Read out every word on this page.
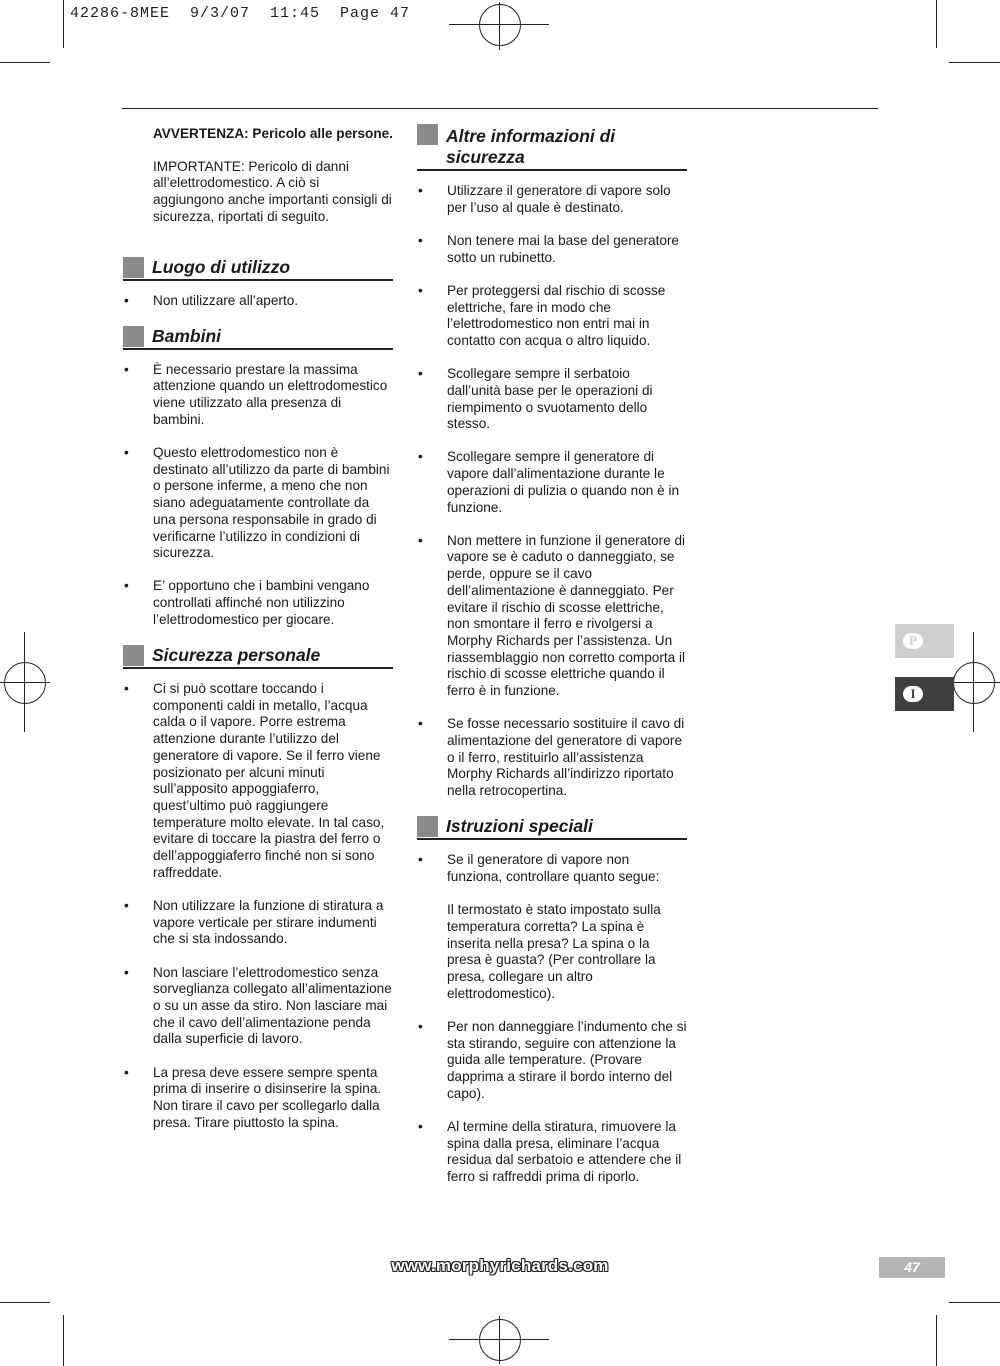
42286-8MEE  9/3/07  11:45  Page 47

AVVERTENZA: Pericolo alle persone.

IMPORTANTE: Pericolo di danni all’elettrodomestico. A ciò si aggiungono anche importanti consigli di sicurezza, riportati di seguito.

Luogo di utilizzo
• Non utilizzare all’aperto.
Bambini
• È necessario prestare la massima attenzione quando un elettrodomestico viene utilizzato alla presenza di bambini.
• Questo elettrodomestico non è destinato all’utilizzo da parte di bambini o persone inferme, a meno che non siano adeguatamente controllate da una persona responsabile in grado di verificarne l’utilizzo in condizioni di sicurezza.
• E’ opportuno che i bambini vengano controllati affinché non utilizzino l’elettrodomestico per giocare.
Sicurezza personale
• Ci si può scottare toccando i componenti caldi in metallo, l’acqua calda o il vapore. Porre estrema attenzione durante l’utilizzo del generatore di vapore. Se il ferro viene posizionato per alcuni minuti sull’apposito appoggiaferro, quest’ultimo può raggiungere temperature molto elevate. In tal caso, evitare di toccare la piastra del ferro o dell’appoggiaferro finché non si sono raffreddate.
• Non utilizzare la funzione di stiratura a vapore verticale per stirare indumenti che si sta indossando.
• Non lasciare l’elettrodomestico senza sorveglianza collegato all’alimentazione o su un asse da stiro. Non lasciare mai che il cavo dell’alimentazione penda dalla superficie di lavoro.
• La presa deve essere sempre spenta prima di inserire o disinserire la spina. Non tirare il cavo per scollegarlo dalla presa. Tirare piuttosto la spina.
Altre informazioni di sicurezza
• Utilizzare il generatore di vapore solo per l’uso al quale è destinato.
• Non tenere mai la base del generatore sotto un rubinetto.
• Per proteggersi dal rischio di scosse elettriche, fare in modo che l’elettrodomestico non entri mai in contatto con acqua o altro liquido.
• Scollegare sempre il serbatoio dall’unità base per le operazioni di riempimento o svuotamento dello stesso.
• Scollegare sempre il generatore di vapore dall’alimentazione durante le operazioni di pulizia o quando non è in funzione.
• Non mettere in funzione il generatore di vapore se è caduto o danneggiato, se perde, oppure se il cavo dell’alimentazione è danneggiato. Per evitare il rischio di scosse elettriche, non smontare il ferro e rivolgersi a Morphy Richards per l’assistenza. Un riassemblaggio non corretto comporta il rischio di scosse elettriche quando il ferro è in funzione.
• Se fosse necessario sostituire il cavo di alimentazione del generatore di vapore o il ferro, restituirlo all’assistenza Morphy Richards all’indirizzo riportato nella retrocopertina.
Istruzioni speciali
• Se il generatore di vapore non funziona, controllare quanto segue:
Il termostato è stato impostato sulla temperatura corretta? La spina è inserita nella presa? La spina o la presa è guasta? (Per controllare la presa, collegare un altro elettrodomestico).
• Per non danneggiare l’indumento che si sta stirando, seguire con attenzione la guida alle temperature. (Provare dapprima a stirare il bordo interno del capo).
• Al termine della stiratura, rimuovere la spina dalla presa, eliminare l’acqua residua dal serbatoio e attendere che il ferro si raffreddi prima di riporlo.
P
I
www.morphyrichards.com	47
